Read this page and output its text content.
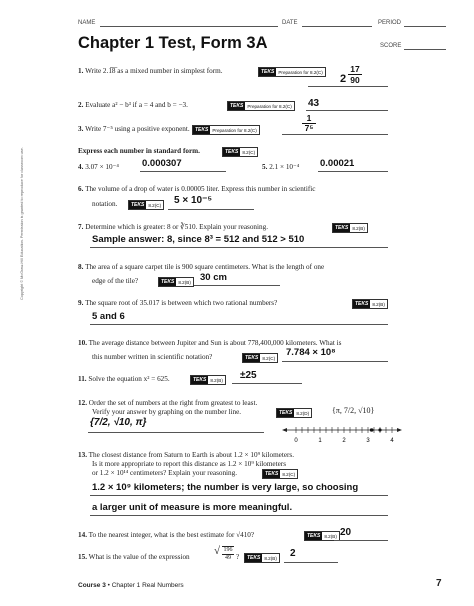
NAME	DATE	PERIOD
Chapter 1 Test, Form 3A	SCORE
Copyright © McGraw-Hill Education. Permission is granted to reproduce for classroom use.
1. Write 2.1̅̅8̅ as a mixed number in simplest form.	TEKS Preparation for 8.2(C)
2
17
90
2. Evaluate a² − b³ if a = 4 and b = −3.	TEKS Preparation for 8.2(C) 43
3. Write 7⁻⁵ using a positive exponent.	TEKS Preparation for 8.2(C)
1
7⁵
Express each number in standard form.	TEKS 8.2(C)
4. 3.07 × 10⁻⁴ 0.000307	5. 2.1 × 10⁻⁴ 0.00021
6. The volume of a drop of water is 0.00005 liter. Express this number in scientific
notation.	TEKS 8.2(C) 5 × 10⁻⁵
7. Determine which is greater: 8 or ∛510. Explain your reasoning.	TEKS 8.2(B)
Sample answer: 8, since 8³ = 512 and 512 > 510
8. The area of a square carpet tile is 900 square centimeters. What is the length of one
edge of the tile?	TEKS 8.2(B) 30 cm
9. The square root of 35.017 is between which two rational numbers?	TEKS 8.2(B)
5 and 6
10. The average distance between Jupiter and Sun is about 778,400,000 kilometers. What is
this number written in scientific notation?	TEKS 8.2(C) 7.784 × 10⁸
11. Solve the equation x² = 625.	TEKS 8.2(B) ±25
12. Order the set of numbers at the right from greatest to least.
Verify your answer by graphing on the number line.	TEKS 8.2(D)	{π, 7/2, √10}
{7/2, √10, π}
0	1	2	3	4
13. The closest distance from Saturn to Earth is about 1.2 × 10⁹ kilometers.
Is it more appropriate to report this distance as 1.2 × 10⁹ kilometers
or 1.2 × 10¹⁴ centimeters? Explain your reasoning.	TEKS 8.2(C)
1.2 × 10⁹ kilometers; the number is very large, so choosing
a larger unit of measure is more meaningful.
14. To the nearest integer, what is the best estimate for √410?	TEKS 8.2(B) 20
15. What is the value of the expression √ 196
49 ?	TEKS 8.2(B) 2
Course 3 • Chapter 1 Real Numbers	7
